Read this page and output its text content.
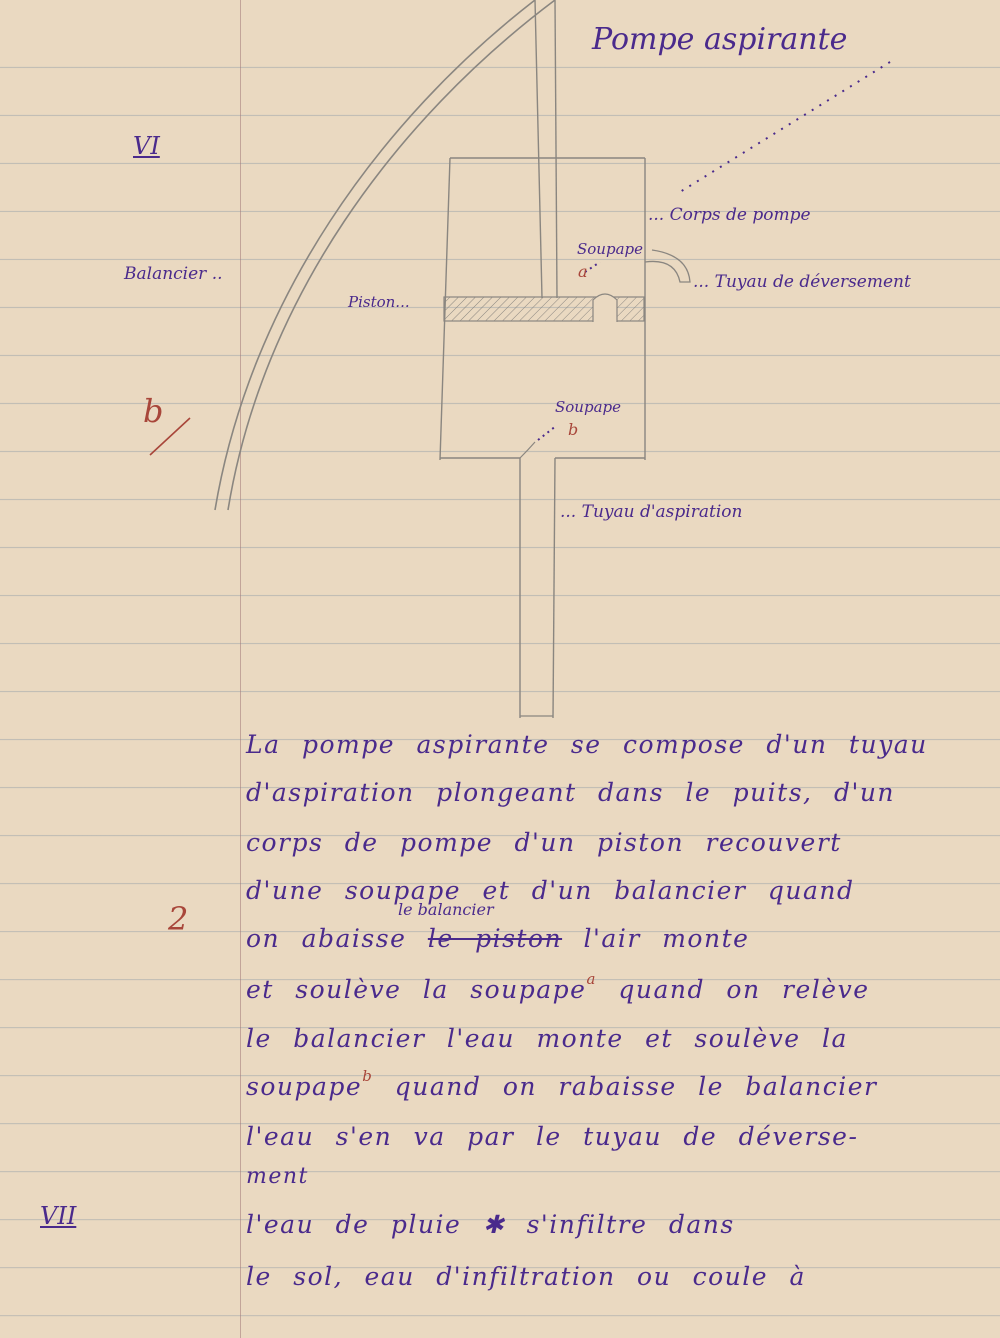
Pompe aspirante
VI
VII
b
2
Balancier ..
Piston...
... Corps de pompe
Soupape
a
... Tuyau de déversement
Soupape
b
... Tuyau d'aspiration
La pompe aspirante se compose d'un tuyau
d'aspiration plongeant dans le puits, d'un
corps de pompe d'un piston recouvert
d'une soupape et d'un balancier quand
le balancier
on abaisse le piston l'air monte
et soulève la soupape$^a$ quand on relève
le balancier l'eau monte et soulève la
soupape$^b$ quand on rabaisse le balancier
l'eau s'en va par le tuyau de déverse-
ment
l'eau de pluie ✱ s'infiltre dans
le sol, eau d'infiltration ou coule à
